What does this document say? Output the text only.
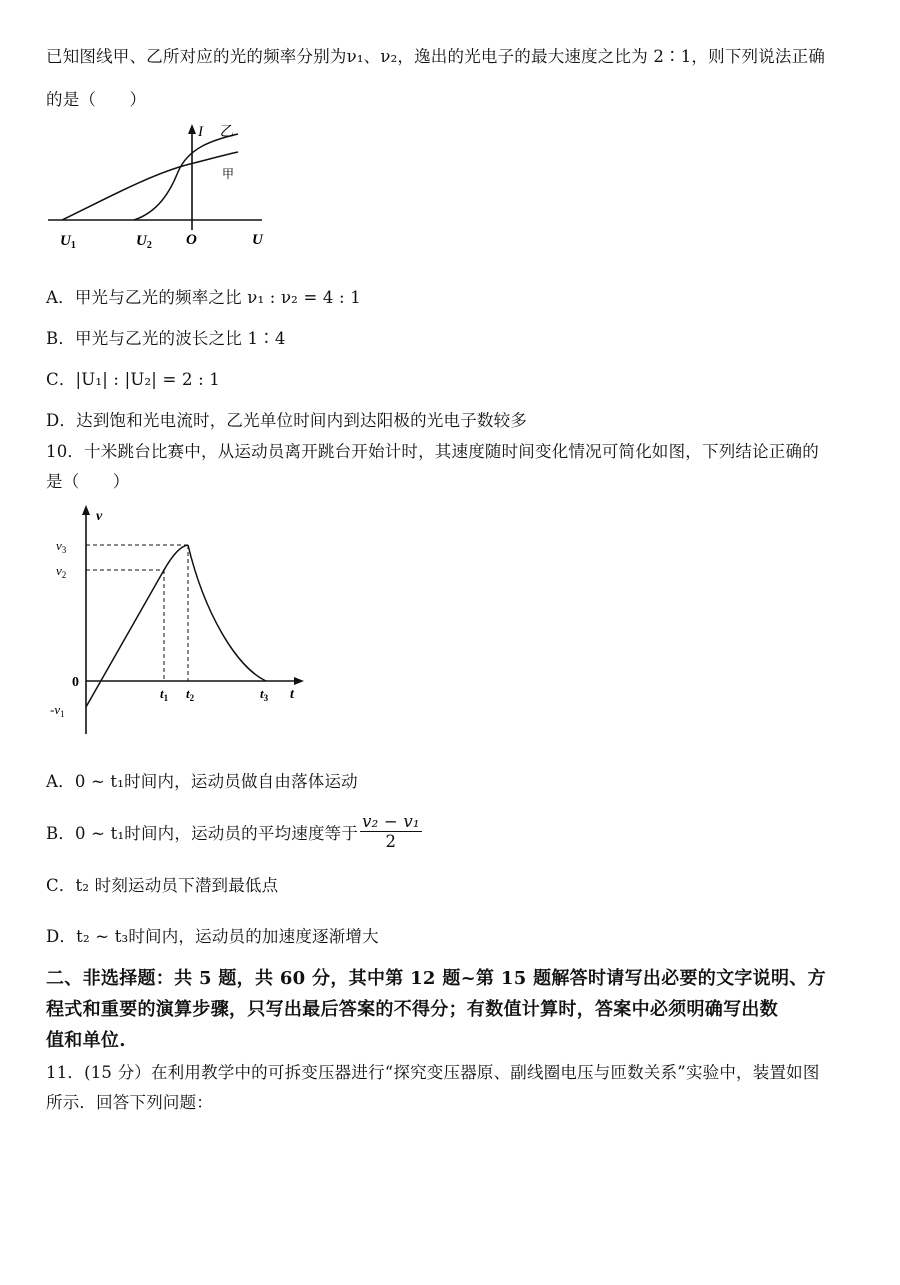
已知图线甲、乙所对应的光的频率分别为ν₁、ν₂，逸出的光电子的最大速度之比为 2∶1，则下列说法正确
的是（　　）
I 乙
甲
$U_1$	$U_2$ O	U
A．甲光与乙光的频率之比 ν₁ : ν₂ = 4 : 1
B．甲光与乙光的波长之比 1∶4
C．|U₁| : |U₂| = 2 : 1
D．达到饱和光电流时，乙光单位时间内到达阳极的光电子数较多
10．十米跳台比赛中，从运动员离开跳台开始计时，其速度随时间变化情况可简化如图，下列结论正确的
是（　　）
v
$v_3$
$v_2$
0
$-v_1$
$t_1$ $t_2$	$t_3$ t
A．0 ~ t₁时间内，运动员做自由落体运动
B．0 ~ t₁时间内，运动员的平均速度等于 $\frac{\text{v₂ − v₁}}{2}$
C．t₂ 时刻运动员下潜到最低点
D．t₂ ~ t₃时间内，运动员的加速度逐渐增大
二、非选择题：共 5 题，共 60 分，其中第 12 题~第 15 题解答时请写出必要的文字说明、方
程式和重要的演算步骤，只写出最后答案的不得分；有数值计算时，答案中必须明确写出数
值和单位.
11．(15 分）在利用教学中的可拆变压器进行“探究变压器原、副线圈电压与匝数关系”实验中，装置如图
所示．回答下列问题：
